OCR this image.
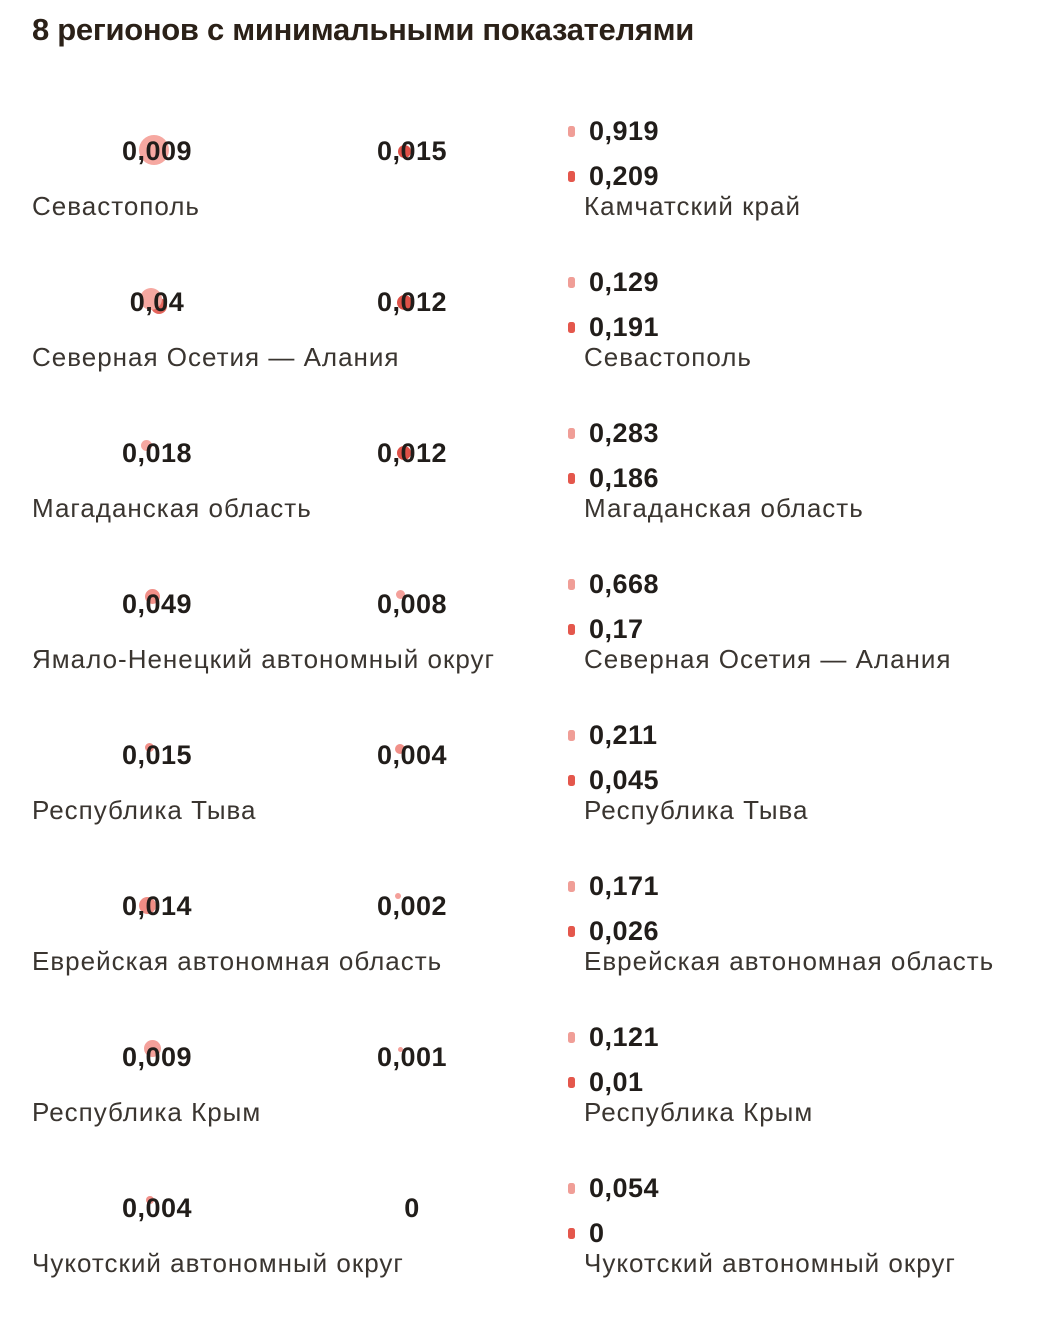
8 регионов с минимальными показателями
0,009	0,015
Севастополь
0,919
0,209
Камчатский край
0,04	0,012
Северная Осетия — Алания
0,129
0,191
Севастополь
0,018	0,012
Магаданская область
0,283
0,186
Магаданская область
0,049	0,008
Ямало-Ненецкий автономный округ
0,668
0,17
Северная Осетия — Алания
0,015	0,004
Республика Тыва
0,211
0,045
Республика Тыва
0,014	0,002
Еврейская автономная область
0,171
0,026
Еврейская автономная область
0,009	0,001
Республика Крым
0,121
0,01
Республика Крым
0,004	0
Чукотский автономный округ
0,054
0
Чукотский автономный округ
